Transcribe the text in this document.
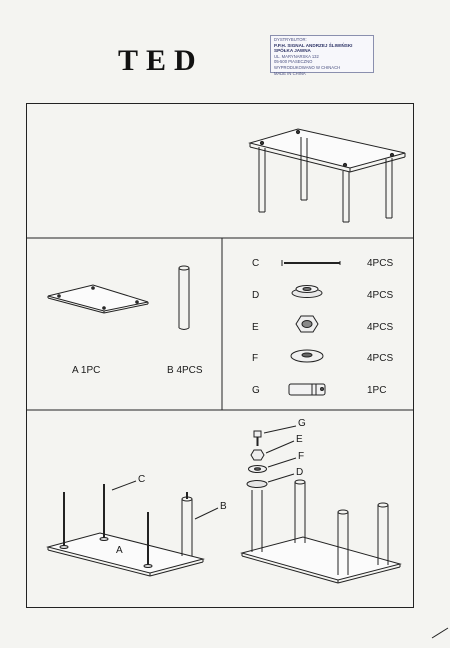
TED
DYSTRYBUTOR:
P.P.H. SIGNAL ANDRZEJ ŚLIWIŃSKI SPÓŁKA JAWNA
UL. MARYNARSKA 132
05-500 PIASECZNO
WYPRODUKOWANO W CHINACH
MADE IN CHINA
A 1PC	B 4PCS
C	4PCS
D	4PCS
E	4PCS
F	4PCS
G	1PC
C
B
A
G
E
F
D
